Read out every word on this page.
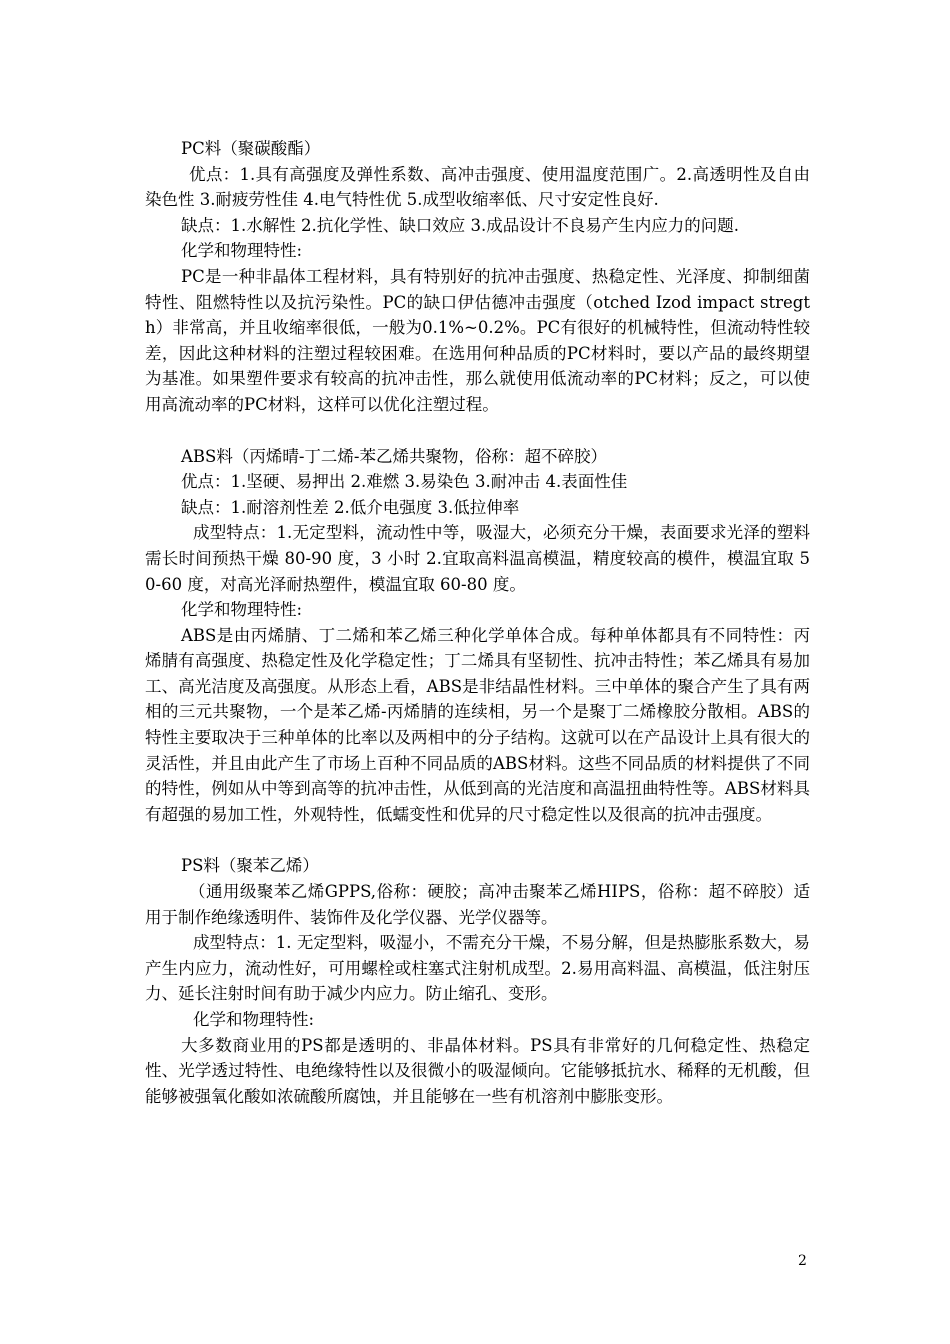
PC料（聚碳酸酯）

优点：1.具有高强度及弹性系数、高冲击强度、使用温度范围广。2.高透明性及自由染色性 3.耐疲劳性佳 4.电气特性优 5.成型收缩率低、尺寸安定性良好.

缺点：1.水解性 2.抗化学性、缺口效应 3.成品设计不良易产生内应力的问题.

化学和物理特性:

PC是一种非晶体工程材料，具有特别好的抗冲击强度、热稳定性、光泽度、抑制细菌特性、阻燃特性以及抗污染性。PC的缺口伊估德冲击强度（otched Izod impact stregth）非常高，并且收缩率很低，一般为0.1%~0.2%。PC有很好的机械特性，但流动特性较差，因此这种材料的注塑过程较困难。在选用何种品质的PC材料时，要以产品的最终期望为基准。如果塑件要求有较高的抗冲击性，那么就使用低流动率的PC材料；反之，可以使用高流动率的PC材料，这样可以优化注塑过程。

ABS料（丙烯晴-丁二烯-苯乙烯共聚物，俗称：超不碎胶）

优点：1.坚硬、易押出 2.难燃 3.易染色 3.耐冲击 4.表面性佳

缺点：1.耐溶剂性差 2.低介电强度 3.低拉伸率

成型特点：1.无定型料，流动性中等，吸湿大，必须充分干燥，表面要求光泽的塑料需长时间预热干燥 80-90 度，3 小时 2.宜取高料温高模温，精度较高的模件，模温宜取 50-60 度，对高光泽耐热塑件，模温宜取 60-80 度。

化学和物理特性:

ABS是由丙烯腈、丁二烯和苯乙烯三种化学单体合成。每种单体都具有不同特性：丙烯腈有高强度、热稳定性及化学稳定性；丁二烯具有坚韧性、抗冲击特性；苯乙烯具有易加工、高光洁度及高强度。从形态上看，ABS是非结晶性材料。三中单体的聚合产生了具有两相的三元共聚物，一个是苯乙烯-丙烯腈的连续相，另一个是聚丁二烯橡胶分散相。ABS的特性主要取决于三种单体的比率以及两相中的分子结构。这就可以在产品设计上具有很大的灵活性，并且由此产生了市场上百种不同品质的ABS材料。这些不同品质的材料提供了不同的特性，例如从中等到高等的抗冲击性，从低到高的光洁度和高温扭曲特性等。ABS材料具有超强的易加工性，外观特性，低蠕变性和优异的尺寸稳定性以及很高的抗冲击强度。

PS料（聚苯乙烯）

（通用级聚苯乙烯GPPS,俗称：硬胶；高冲击聚苯乙烯HIPS，俗称：超不碎胶）适用于制作绝缘透明件、装饰件及化学仪器、光学仪器等。

成型特点：1. 无定型料，吸湿小，不需充分干燥，不易分解，但是热膨胀系数大，易产生内应力，流动性好，可用螺栓或柱塞式注射机成型。2.易用高料温、高模温，低注射压力、延长注射时间有助于减少内应力。防止缩孔、变形。

化学和物理特性:

大多数商业用的PS都是透明的、非晶体材料。PS具有非常好的几何稳定性、热稳定性、光学透过特性、电绝缘特性以及很微小的吸湿倾向。它能够抵抗水、稀释的无机酸，但能够被强氧化酸如浓硫酸所腐蚀，并且能够在一些有机溶剂中膨胀变形。

2
